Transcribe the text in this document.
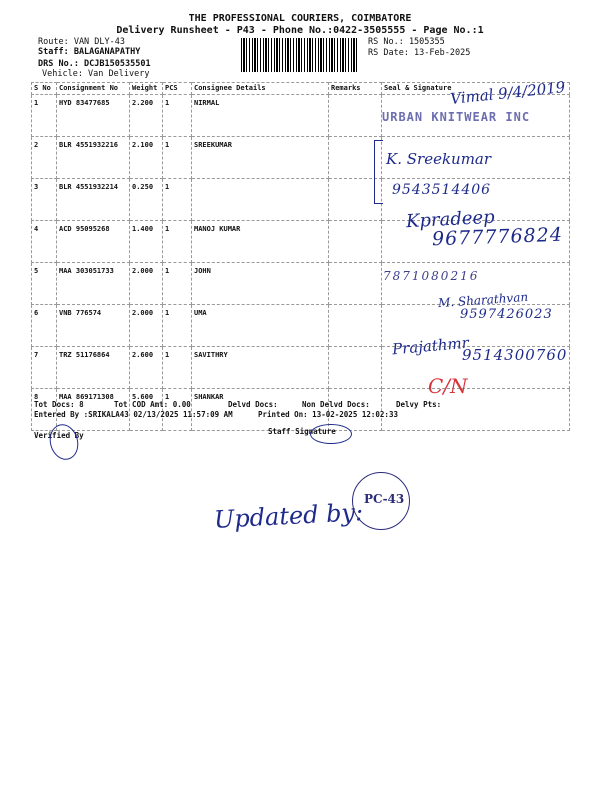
THE PROFESSIONAL COURIERS, COIMBATORE
Delivery Runsheet - P43 - Phone No.:0422-3505555 - Page No.:1
Route: VAN DLY-43
Staff: BALAGANAPATHY
DRS No.: DCJB150535501
Vehicle: Van Delivery
RS No.: 1505355
RS Date: 13-Feb-2025
S No	Consignment No	Weight	PCS	Consignee Details	Remarks	Seal & Signature
1	HYD 83477685	2.200	1	NIRMAL		
2	BLR 4551932216	2.100	1	SREEKUMAR		
3	BLR 4551932214	0.250	1			
4	ACD 95095268	1.400	1	MANOJ KUMAR		
5	MAA 303051733	2.000	1	JOHN		
6	VNB 776574	2.000	1	UMA		
7	TRZ 51176864	2.600	1	SAVITHRY		
8	MAA 869171308	5.600	1	SHANKAR		
Vimal 9/4/2019
URBAN KNITWEAR INC
K. Sreekumar
9543514406
Kpradeep
9677776824
7871080216
M. Sharathvan
9597426023
Prajathmr
9514300760
C/N
Tot Docs: 8	Tot COD Amt: 0.00	Delvd Docs:	Non Delvd Docs:	Delvy Pts:
Entered By :SRIKALA43 02/13/2025 11:57:09 AM	Printed On: 13-02-2025 12:02:33
Verified By	Staff Signature
Updated by: PC-43
